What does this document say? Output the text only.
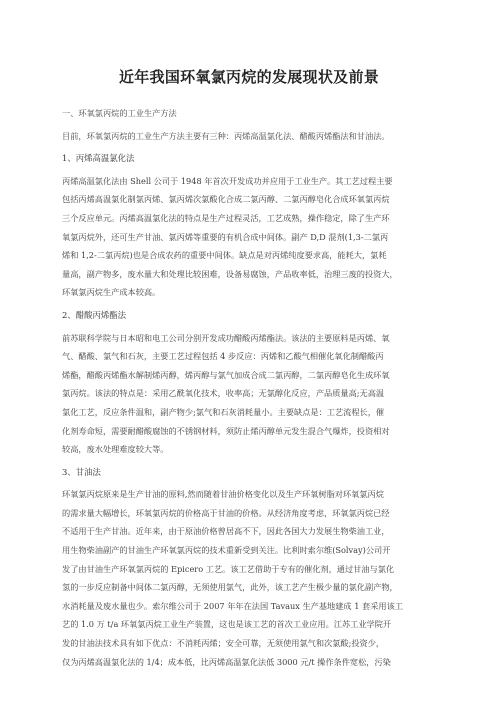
近年我国环氧氯丙烷的发展现状及前景
一、环氧氯丙烷的工业生产方法
目前，环氧氯丙烷的工业生产方法主要有三种：丙烯高温氯化法、醋酸丙烯酯法和甘油法。
1、丙烯高温氯化法
丙烯高温氯化法由 Shell 公司于 1948 年首次开发成功并应用于工业生产。其工艺过程主要
包括丙烯高温氯化制氯丙烯、氯丙烯次氯酸化合成二氯丙醇、二氯丙醇皂化合成环氧氯丙烷
三个反应单元。丙烯高温氯化法的特点是生产过程灵活，工艺成熟，操作稳定，除了生产环
氧氯丙烷外，还可生产甘油、氯丙烯等重要的有机合成中间体。副产 D,D 混剂(1,3-二氯丙
烯和 1,2-二氯丙烷)也是合成农药的重要中间体。缺点是对丙烯纯度要求高，能耗大，氯耗
量高，副产物多，废水量大和处理比较困难，设备易腐蚀，产品收率低，治理三废的投资大，
环氧氯丙烷生产成本较高。
2、醋酸丙烯酯法
前苏联科学院与日本昭和电工公司分别开发成功醋酸丙烯酯法。该法的主要原料是丙烯、氧
气、醋酸、氯气和石灰，主要工艺过程包括 4 步反应：丙烯和乙酸气相催化氧化制醋酸丙
烯酯，醋酸丙烯酯水解制烯丙醇，烯丙醇与氯气加成合成二氯丙醇，二氯丙醇皂化生成环氧
氯丙烷。该法的特点是：采用乙酰氧化技术，收率高；无氯醇化反应，产品质量高;无高温
氯化工艺，反应条件温和，副产物少;氯气和石灰消耗量小。主要缺点是：工艺流程长，催
化剂寿命短，需要耐醋酸腐蚀的不锈钢材料，须防止烯丙醇单元发生混合气爆炸，投资相对
较高，废水处理难度较大等。
3、甘油法
环氧氯丙烷原来是生产甘油的原料,然而随着甘油价格变化以及生产环氧树脂对环氧氯丙烷
的需求量大幅增长，环氧氯丙烷的价格高于甘油的价格。从经济角度考虑，环氧氯丙烷已经
不适用于生产甘油。近年来，由于原油价格曾居高不下，因此各国大力发展生物柴油工业，
用生物柴油副产的甘油生产环氧氯丙烷的技术重新受到关注。比利时索尔维(Solvay)公司开
发了由甘油生产环氧氯丙烷的 Epicero 工艺。该工艺借助于专有的催化剂，通过甘油与氯化
氢的一步反应制备中间体二氯丙醇，无须使用氯气，此外，该工艺产生极少量的氯化副产物，
水消耗量及废水量也少。索尔维公司于 2007 年年在法国 Tavaux 生产基地建成 1 套采用该工
艺的 1.0 万 t/a 环氧氯丙烷工业生产装置，这也是该工艺的首次工业应用。江苏工业学院开
发的甘油法技术具有如下优点：不消耗丙烯；安全可靠，无须使用氯气和次氯酸;投资少，
仅为丙烯高温氯化法的 1/4；成本低，比丙烯高温氯化法低 3000 元/t 操作条件宽松，污染
